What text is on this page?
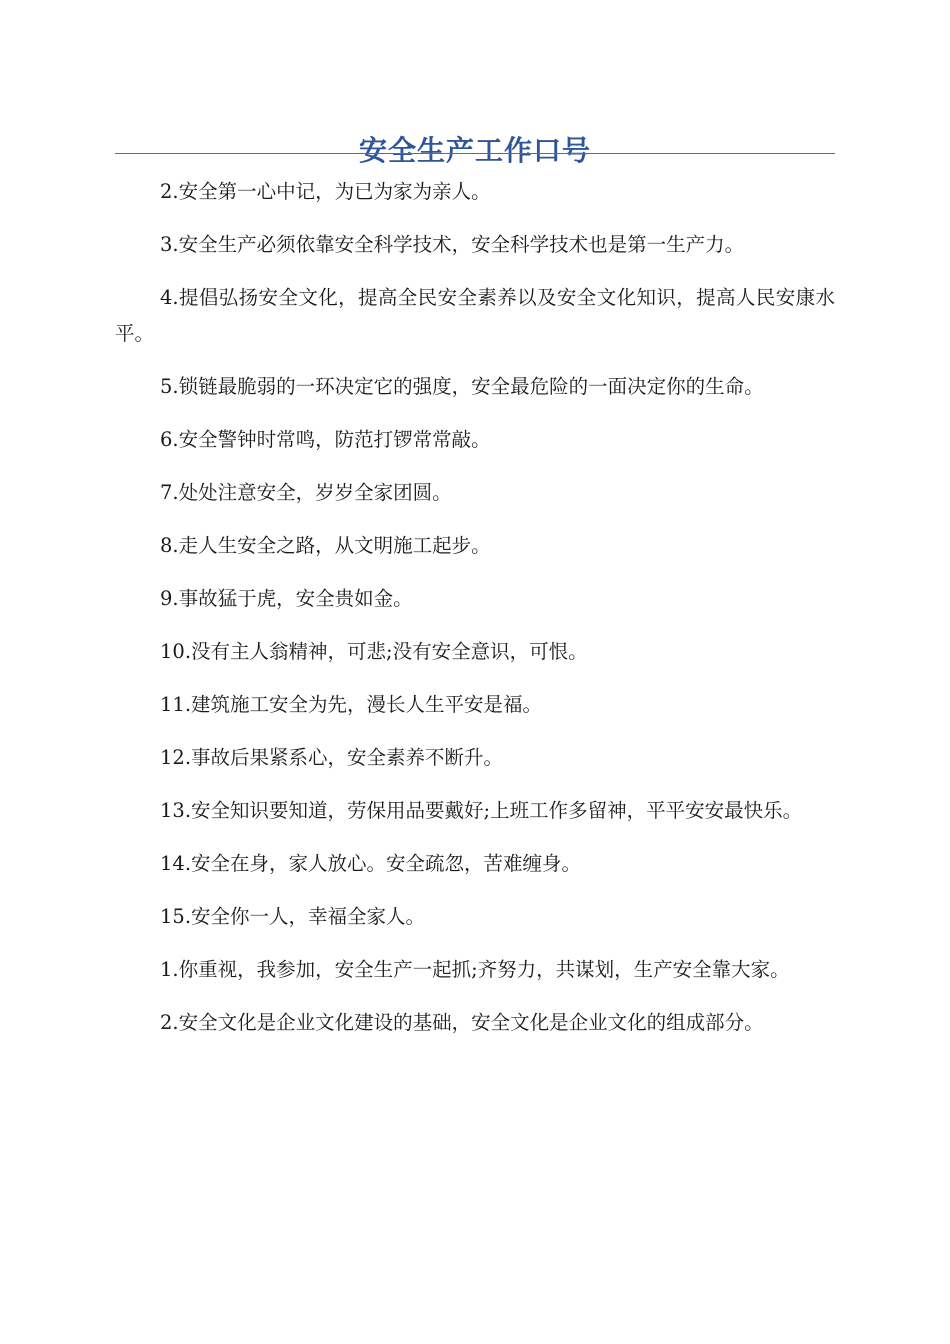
安全生产工作口号

2.安全第一心中记，为已为家为亲人。

3.安全生产必须依靠安全科学技术，安全科学技术也是第一生产力。

4.提倡弘扬安全文化，提高全民安全素养以及安全文化知识，提高人民安康水平。

5.锁链最脆弱的一环决定它的强度，安全最危险的一面决定你的生命。

6.安全警钟时常鸣，防范打锣常常敲。

7.处处注意安全，岁岁全家团圆。

8.走人生安全之路，从文明施工起步。

9.事故猛于虎，安全贵如金。

10.没有主人翁精神，可悲;没有安全意识，可恨。

11.建筑施工安全为先，漫长人生平安是福。

12.事故后果紧系心，安全素养不断升。

13.安全知识要知道，劳保用品要戴好;上班工作多留神，平平安安最快乐。

14.安全在身，家人放心。安全疏忽，苦难缠身。

15.安全你一人，幸福全家人。

1.你重视，我参加，安全生产一起抓;齐努力，共谋划，生产安全靠大家。

2.安全文化是企业文化建设的基础，安全文化是企业文化的组成部分。
